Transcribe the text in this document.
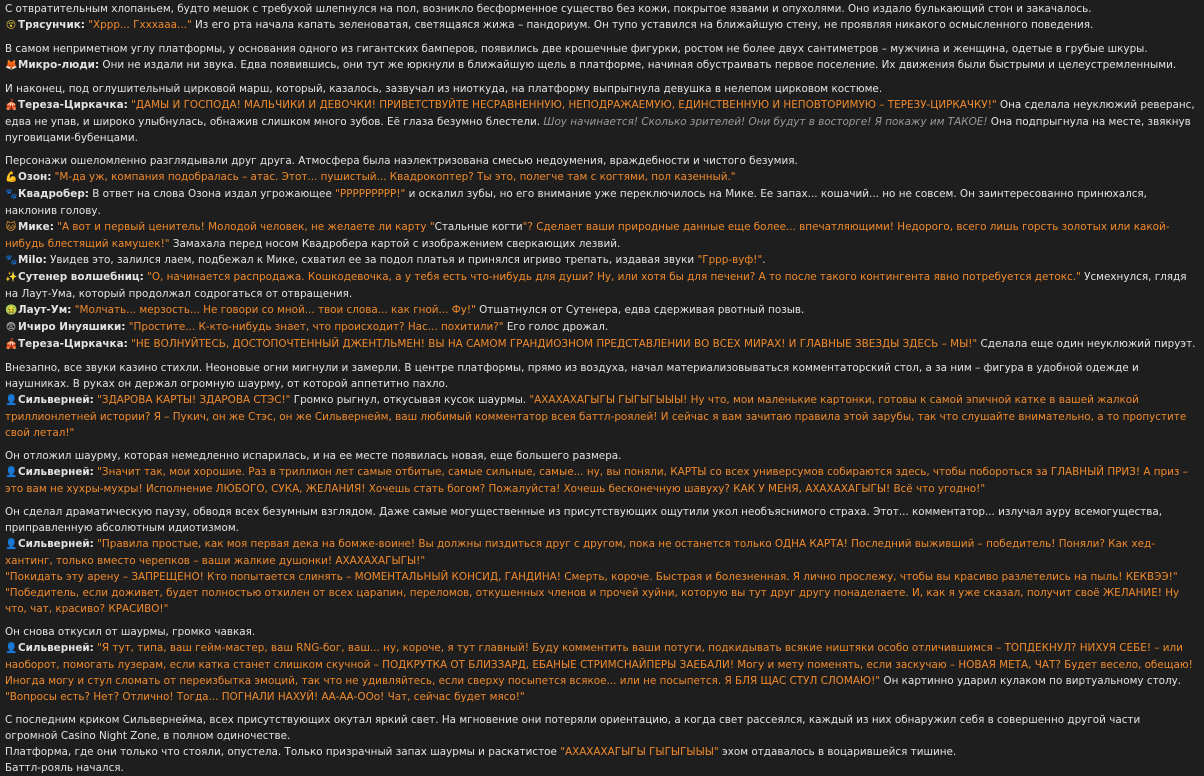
С отвратительным хлопаньем, будто мешок с требухой шлепнулся на пол, возникло бесформенное существо без кожи, покрытое язвами и опухолями. Оно издало булькающий стон и закачалось.

😵 Трясунчик: "Хррр... Гхххааа..." Из его рта начала капать зеленоватая, светящаяся жижа – пандориум. Он тупо уставился на ближайшую стену, не проявляя никакого осмысленного поведения.

В самом неприметном углу платформы, у основания одного из гигантских бамперов, появились две крошечные фигурки, ростом не более двух сантиметров – мужчина и женщина, одетые в грубые шкуры.

🦊Микро-люди: Они не издали ни звука. Едва появившись, они тут же юркнули в ближайшую щель в платформе, начиная обустраивать первое поселение. Их движения были быстрыми и целеустремленными.

И наконец, под оглушительный цирковой марш, который, казалось, зазвучал из ниоткуда, на платформу выпрыгнула девушка в нелепом цирковом костюме.

🎪Тереза-Циркачка: "ДАМЫ И ГОСПОДА! МАЛЬЧИКИ И ДЕВОЧКИ! ПРИВЕТСТВУЙТЕ НЕСРАВНЕННУЮ, НЕПОДРАЖАЕМУЮ, ЕДИНСТВЕННУЮ И НЕПОВТОРИМУЮ – ТЕРЕЗУ-ЦИРКАЧКУ!" Она сделала неуклюжий реверанс, едва не упав, и широко улыбнулась, обнажив слишком много зубов. Её глаза безумно блестели. Шоу начинается! Сколько зрителей! Они будут в восторге! Я покажу им ТАКОЕ! Она подпрыгнула на месте, звякнув пуговицами-бубенцами.

Персонажи ошеломленно разглядывали друг друга. Атмосфера была наэлектризована смесью недоумения, враждебности и чистого безумия.

💪Озон: "М-да уж, компания подобралась – атас. Этот... пушистый... Квадрокоптер? Ты это, полегче там с когтями, пол казенный."

🐾Квадробер: В ответ на слова Озона издал угрожающее "РРРРРРРРР!" и оскалил зубы, но его внимание уже переключилось на Мике. Ее запах... кошачий... но не совсем. Он заинтересованно принюхался, наклонив голову.

🐱 Мике: "А вот и первый ценитель! Молодой человек, не желаете ли карту "Стальные когти"? Сделает ваши природные данные еще более... впечатляющими! Недорого, всего лишь горсть золотых или какой-нибудь блестящий камушек!" Замахала перед носом Квадробера картой с изображением сверкающих лезвий.

🐾Milo: Увидев это, залился лаем, подбежал к Мике, схватил ее за подол платья и принялся игриво трепать, издавая звуки "Гррр-вуф!".

✨Сутенер волшебниц: "О, начинается распродажа. Кошкодевочка, а у тебя есть что-нибудь для души? Ну, или хотя бы для печени? А то после такого контингента явно потребуется детокс." Усмехнулся, глядя на Лаут-Ума, который продолжал содрогаться от отвращения.

🤢Лаут-Ум: "Молчать... мерзость... Не говори со мной... твои слова... как гной... Фу!" Отшатнулся от Сутенера, едва сдерживая рвотный позыв.

😨 Ичиро Инуяшики: "Простите... К-кто-нибудь знает, что происходит? Нас... похитили?" Его голос дрожал.

🎪Тереза-Циркачка: "НЕ ВОЛНУЙТЕСЬ, ДОСТОПОЧТЕННЫЙ ДЖЕНТЛЬМЕН! ВЫ НА САМОМ ГРАНДИОЗНОМ ПРЕДСТАВЛЕНИИ ВО ВСЕХ МИРАХ! И ГЛАВНЫЕ ЗВЕЗДЫ ЗДЕСЬ – МЫ!" Сделала еще один неуклюжий пируэт.

Внезапно, все звуки казино стихли. Неоновые огни мигнули и замерли. В центре платформы, прямо из воздуха, начал материализовываться комментаторский стол, а за ним – фигура в удобной одежде и наушниках. В руках он держал огромную шаурму, от которой аппетитно пахло.

👤Сильверней: "ЗДАРОВА КАРТЫ! ЗДАРОВА СТЭС!" Громко рыгнул, откусывая кусок шаурмы. "АХАХАХАГЫГЫ ГЫГЫГЫЫЫ! Ну что, мои маленькие картонки, готовы к самой эпичной катке в вашей жалкой триллионлетней истории? Я – Пукич, он же Стэс, он же Сильвернейм, ваш любимый комментатор всея баттл-роялей! И сейчас я вам зачитаю правила этой зарубы, так что слушайте внимательно, а то пропустите свой летал!"

Он отложил шаурму, которая немедленно испарилась, и на ее месте появилась новая, еще большего размера.

👤Сильверней: "Значит так, мои хорошие. Раз в триллион лет самые отбитые, самые сильные, самые... ну, вы поняли, КАРТЫ со всех универсумов собираются здесь, чтобы побороться за ГЛАВНЫЙ ПРИЗ! А приз – это вам не хухры-мухры! Исполнение ЛЮБОГО, СУКА, ЖЕЛАНИЯ! Хочешь стать богом? Пожалуйста! Хочешь бесконечную шавуху? КАК У МЕНЯ, АХАХАХАГЫГЫ! Всё что угодно!"

Он сделал драматическую паузу, обводя всех безумным взглядом. Даже самые могущественные из присутствующих ощутили укол необъяснимого страха. Этот... комментатор... излучал ауру всемогущества, приправленную абсолютным идиотизмом.

👤Сильверней: "Правила простые, как моя первая дека на бомже-воине! Вы должны пиздиться друг с другом, пока не останется только ОДНА КАРТА! Последний выживший – победитель! Поняли? Как хед-хантинг, только вместо черепков – ваши жалкие душонки! АХАХАХАГЫГЫ!"

"Покидать эту арену – ЗАПРЕЩЕНО! Кто попытается слинять – МОМЕНТАЛЬНЫЙ КОНСИД, ГАНДИНА! Смерть, короче. Быстрая и болезненная. Я лично прослежу, чтобы вы красиво разлетелись на пыль! КЕКВЭЭ!"

"Победитель, если доживет, будет полностью отхилен от всех царапин, переломов, откушенных членов и прочей хуйни, которую вы тут друг другу понаделаете. И, как я уже сказал, получит своё ЖЕЛАНИЕ! Ну что, чат, красиво? КРАСИВО!"

Он снова откусил от шаурмы, громко чавкая.

👤Сильверней: "Я тут, типа, ваш гейм-мастер, ваш RNG-бог, ваш... ну, короче, я тут главный! Буду комментить ваши потуги, подкидывать всякие ништяки особо отличившимся – ТОПДЕКНУЛ? НИХУЯ СЕБЕ! – или наоборот, помогать лузерам, если катка станет слишком скучной – ПОДКРУТКА ОТ БЛИЗЗАРД, ЕБАНЫЕ СТРИМСНАЙПЕРЫ ЗАЕБАЛИ! Могу и мету поменять, если заскучаю – НОВАЯ МЕТА, ЧАТ? Будет весело, обещаю! Иногда могу и стул сломать от переизбытка эмоций, так что не удивляйтесь, если сверху посыпется всякое... или не посыпется. Я БЛЯ ЩАС СТУЛ СЛОМАЮ!" Он картинно ударил кулаком по виртуальному столу.

"Вопросы есть? Нет? Отлично! Тогда... ПОГНАЛИ НАХУЙ! АА-АА-ООо! Чат, сейчас будет мясо!"

С последним криком Сильвернейма, всех присутствующих окутал яркий свет. На мгновение они потеряли ориентацию, а когда свет рассеялся, каждый из них обнаружил себя в совершенно другой части огромной Casino Night Zone, в полном одиночестве.

Платформа, где они только что стояли, опустела. Только призрачный запах шаурмы и раскатистое "АХАХАХАГЫГЫ ГЫГЫГЫЫЫ" эхом отдавалось в воцарившейся тишине.

Баттл-рояль начался.
